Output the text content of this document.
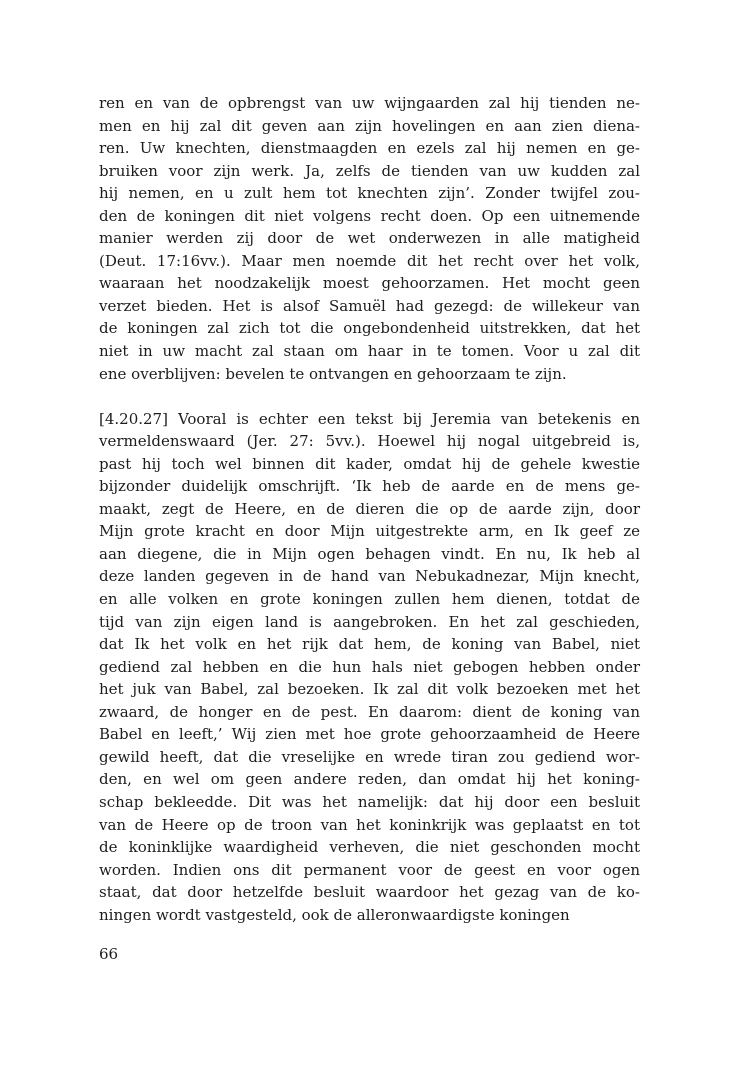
ren en van de opbrengst van uw wijngaarden zal hij tienden ne-
men en hij zal dit geven aan zijn hovelingen en aan zien diena-
ren. Uw knechten, dienstmaagden en ezels zal hij nemen en ge-
bruiken voor zijn werk. Ja, zelfs de tienden van uw kudden zal
hij nemen, en u zult hem tot knechten zijn’. Zonder twijfel zou-
den de koningen dit niet volgens recht doen. Op een uitnemende
manier werden zij door de wet onderwezen in alle matigheid
(Deut. 17:16vv.). Maar men noemde dit het recht over het volk,
waaraan het noodzakelijk moest gehoorzamen. Het mocht geen
verzet bieden. Het is alsof Samuël had gezegd: de willekeur van
de koningen zal zich tot die ongebondenheid uitstrekken, dat het
niet in uw macht zal staan om haar in te tomen. Voor u zal dit
ene overblijven: bevelen te ontvangen en gehoorzaam te zijn.
[4.20.27] Vooral is echter een tekst bij Jeremia van betekenis en
vermeldenswaard (Jer. 27: 5vv.). Hoewel hij nogal uitgebreid is,
past hij toch wel binnen dit kader, omdat hij de gehele kwestie
bijzonder duidelijk omschrijft. ‘Ik heb de aarde en de mens ge-
maakt, zegt de Heere, en de dieren die op de aarde zijn, door
Mijn grote kracht en door Mijn uitgestrekte arm, en Ik geef ze
aan diegene, die in Mijn ogen behagen vindt. En nu, Ik heb al
deze landen gegeven in de hand van Nebukadnezar, Mijn knecht,
en alle volken en grote koningen zullen hem dienen, totdat de
tijd van zijn eigen land is aangebroken. En het zal geschieden,
dat Ik het volk en het rijk dat hem, de koning van Babel, niet
gediend zal hebben en die hun hals niet gebogen hebben onder
het juk van Babel, zal bezoeken. Ik zal dit volk bezoeken met het
zwaard, de honger en de pest. En daarom: dient de koning van
Babel en leeft,’ Wij zien met hoe grote gehoorzaamheid de Heere
gewild heeft, dat die vreselijke en wrede tiran zou gediend wor-
den, en wel om geen andere reden, dan omdat hij het koning-
schap bekleedde. Dit was het namelijk: dat hij door een besluit
van de Heere op de troon van het koninkrijk was geplaatst en tot
de koninklijke waardigheid verheven, die niet geschonden mocht
worden. Indien ons dit permanent voor de geest en voor ogen
staat, dat door hetzelfde besluit waardoor het gezag van de ko-
ningen wordt vastgesteld, ook de alleronwaardigste koningen
66
